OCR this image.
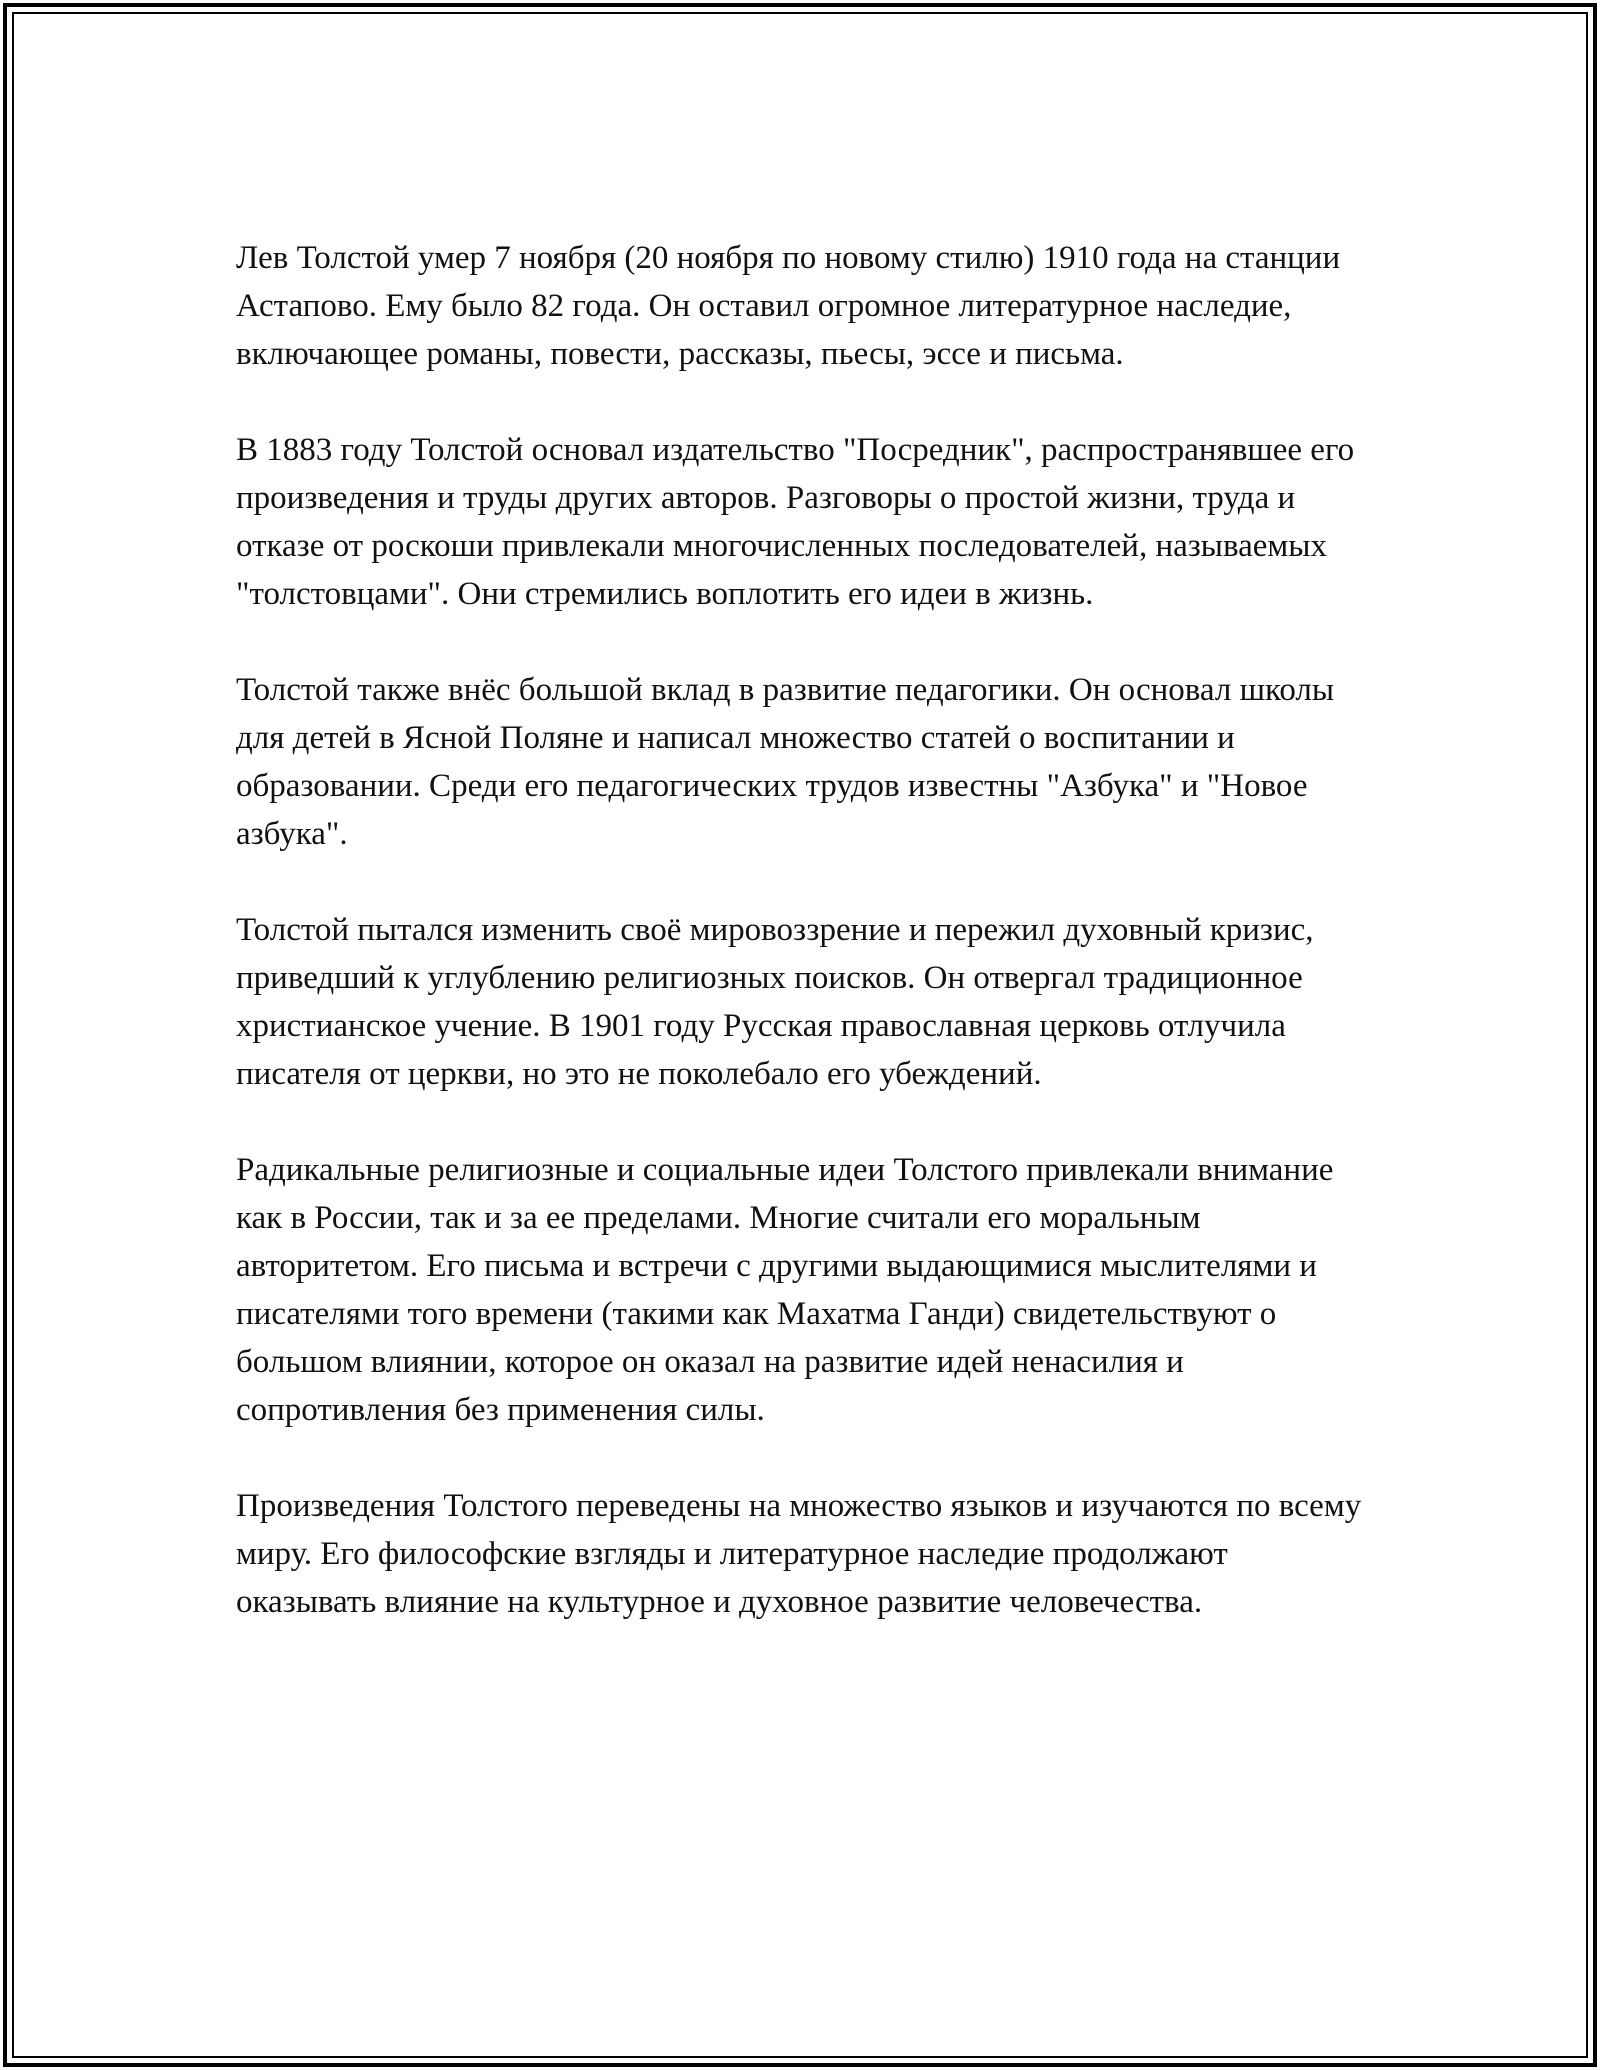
Лев Толстой умер 7 ноября (20 ноября по новому стилю) 1910 года на станции Астапово. Ему было 82 года. Он оставил огромное литературное наследие, включающее романы, повести, рассказы, пьесы, эссе и письма.

В 1883 году Толстой основал издательство "Посредник", распространявшее его произведения и труды других авторов. Разговоры о простой жизни, труда и отказе от роскоши привлекали многочисленных последователей, называемых "толстовцами". Они стремились воплотить его идеи в жизнь.

Толстой также внёс большой вклад в развитие педагогики. Он основал школы для детей в Ясной Поляне и написал множество статей о воспитании и образовании. Среди его педагогических трудов известны "Азбука" и "Новое азбука".

Толстой пытался изменить своё мировоззрение и пережил духовный кризис, приведший к углублению религиозных поисков. Он отвергал традиционное христианское учение. В 1901 году Русская православная церковь отлучила писателя от церкви, но это не поколебало его убеждений.

Радикальные религиозные и социальные идеи Толстого привлекали внимание как в России, так и за ее пределами. Многие считали его моральным авторитетом. Его письма и встречи с другими выдающимися мыслителями и писателями того времени (такими как Махатма Ганди) свидетельствуют о большом влиянии, которое он оказал на развитие идей ненасилия и сопротивления без применения силы.

Произведения Толстого переведены на множество языков и изучаются по всему миру. Его философские взгляды и литературное наследие продолжают оказывать влияние на культурное и духовное развитие человечества.
